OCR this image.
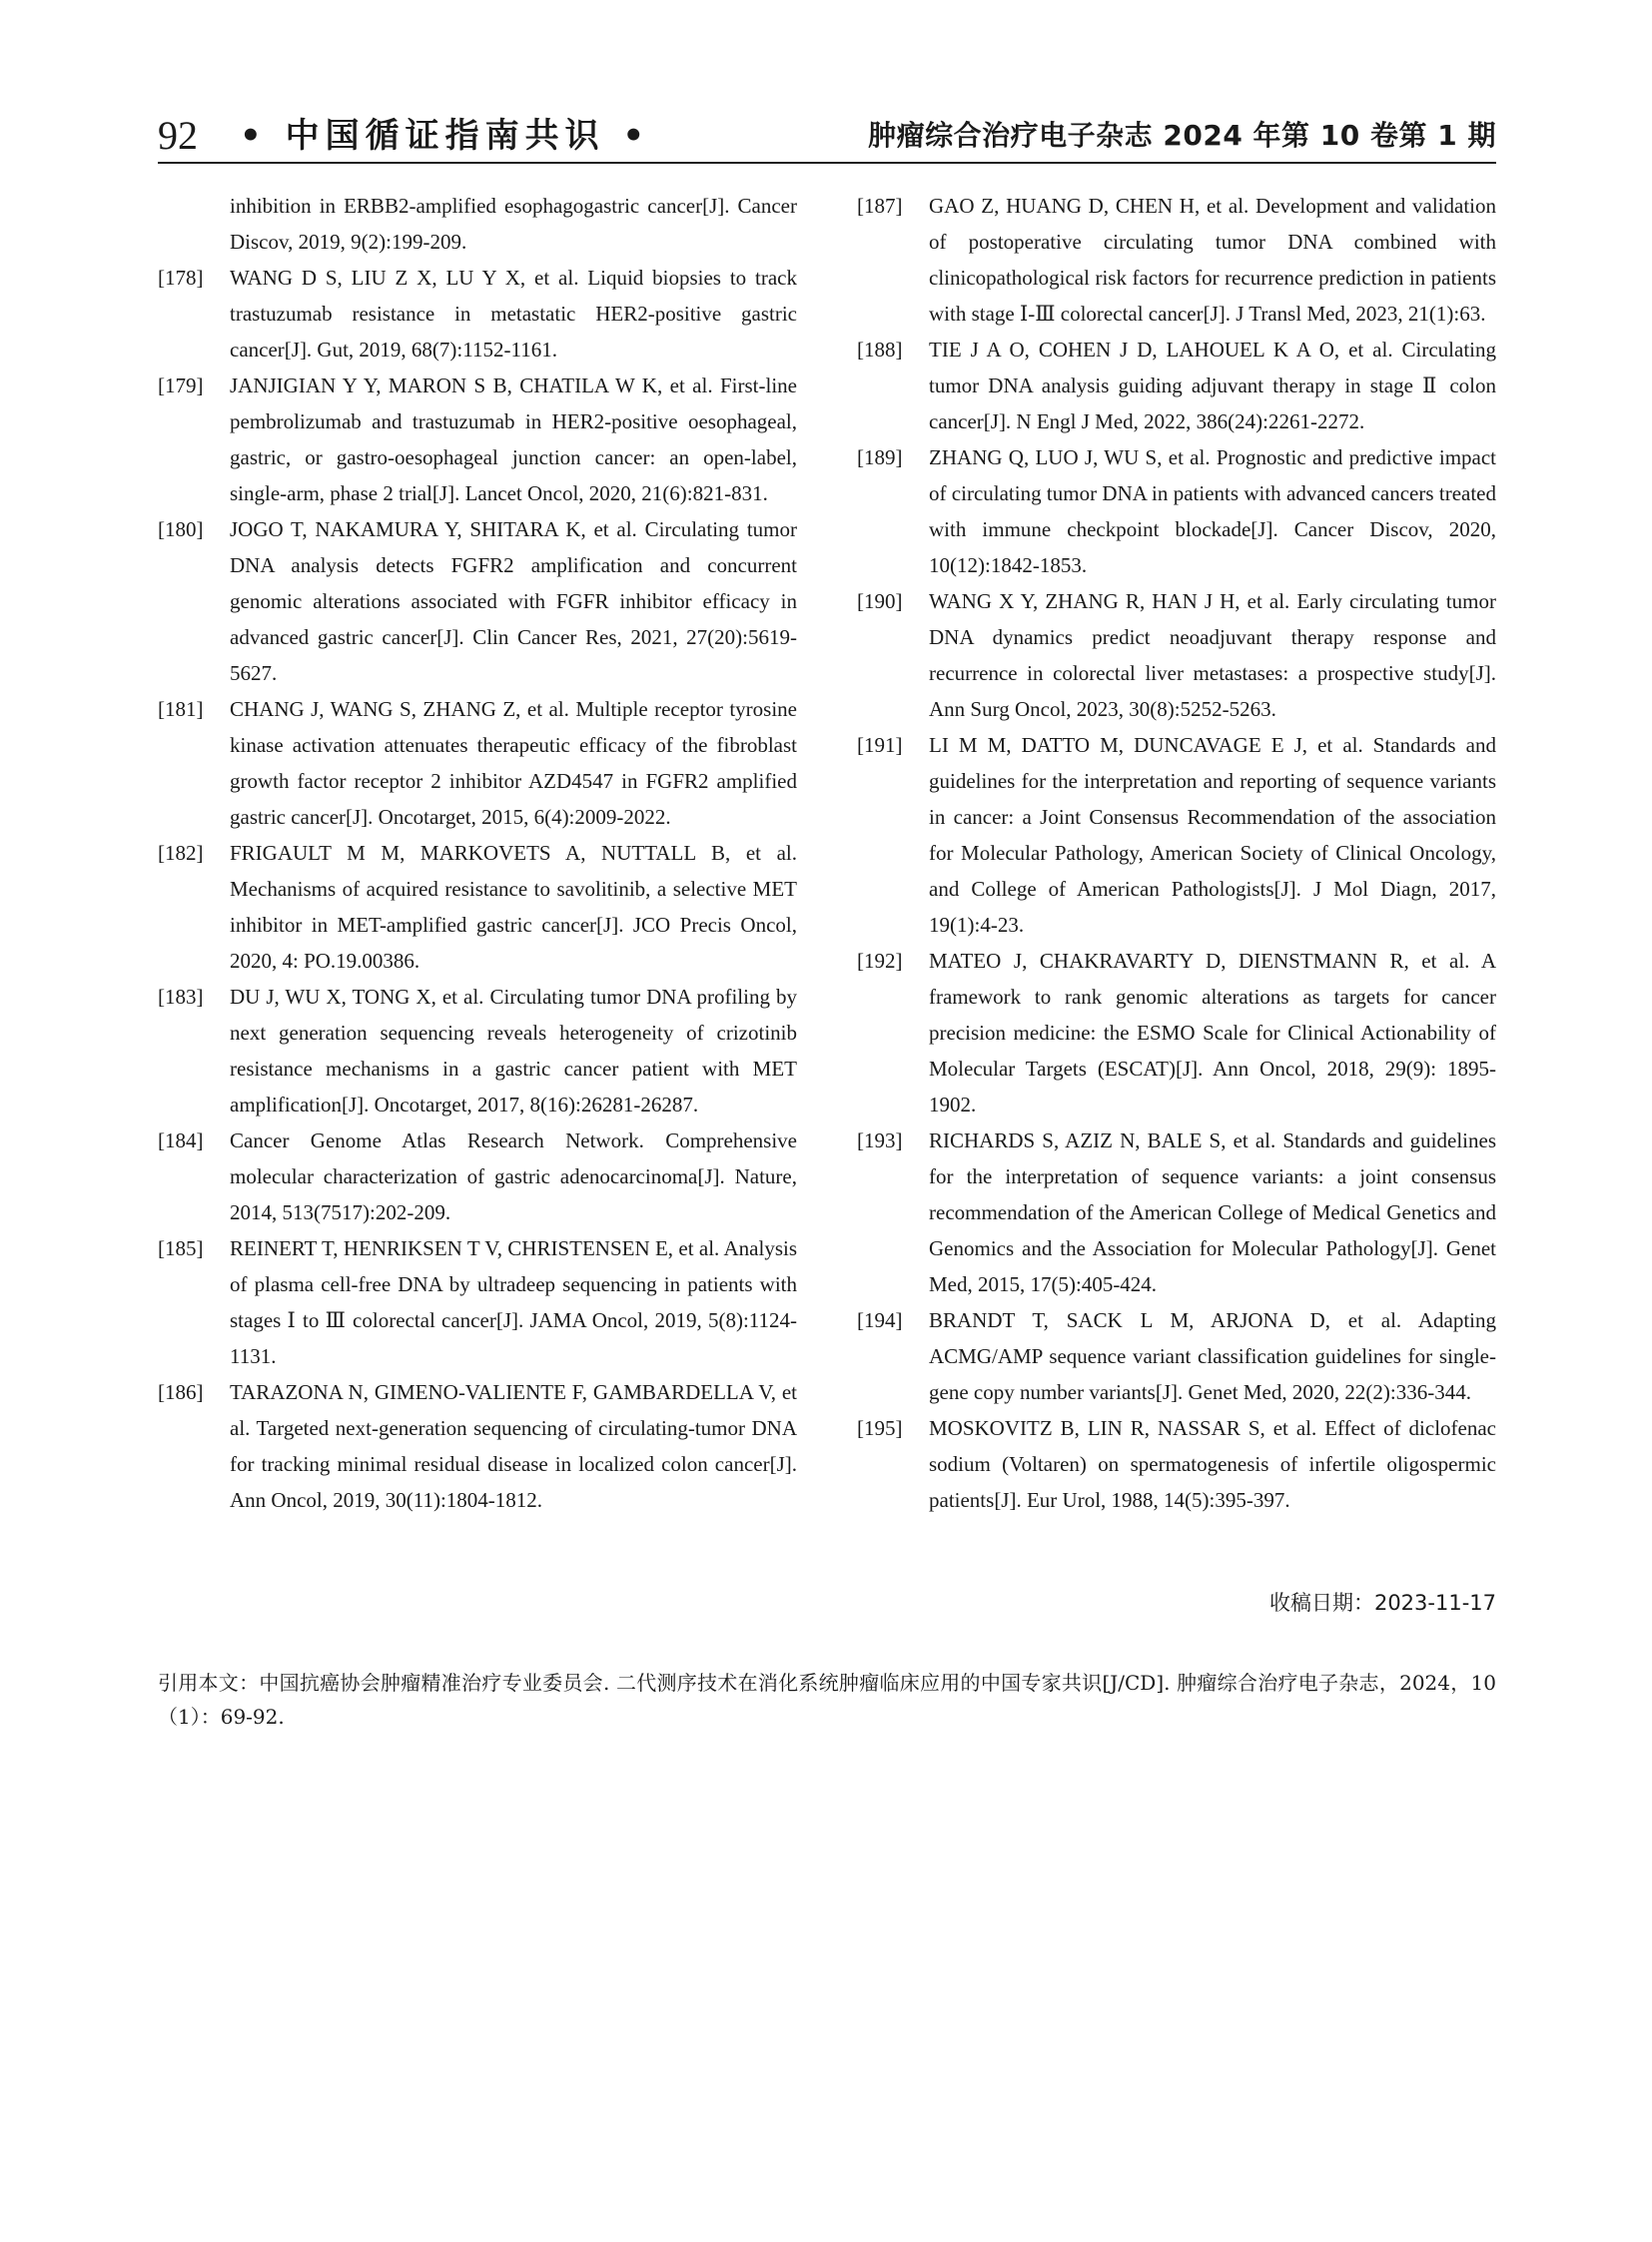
92 • 中国循证指南共识 •	肿瘤综合治疗电子杂志 2024 年第 10 卷第 1 期

inhibition in ERBB2-amplified esophagogastric cancer[J]. Cancer Discov, 2019, 9(2):199-209.

[178]	WANG D S, LIU Z X, LU Y X, et al. Liquid biopsies to track trastuzumab resistance in metastatic HER2-positive gastric cancer[J]. Gut, 2019, 68(7):1152-1161.

[179]	JANJIGIAN Y Y, MARON S B, CHATILA W K, et al. First-line pembrolizumab and trastuzumab in HER2-positive oesophageal, gastric, or gastro-oesophageal junction cancer: an open-label, single-arm, phase 2 trial[J]. Lancet Oncol, 2020, 21(6):821-831.

[180]	JOGO T, NAKAMURA Y, SHITARA K, et al. Circulating tumor DNA analysis detects FGFR2 amplification and concurrent genomic alterations associated with FGFR inhibitor efficacy in advanced gastric cancer[J]. Clin Cancer Res, 2021, 27(20):5619-5627.

[181]	CHANG J, WANG S, ZHANG Z, et al. Multiple receptor tyrosine kinase activation attenuates therapeutic efficacy of the fibroblast growth factor receptor 2 inhibitor AZD4547 in FGFR2 amplified gastric cancer[J]. Oncotarget, 2015, 6(4):2009-2022.

[182]	FRIGAULT M M, MARKOVETS A, NUTTALL B, et al. Mechanisms of acquired resistance to savolitinib, a selective MET inhibitor in MET-amplified gastric cancer[J]. JCO Precis Oncol, 2020, 4: PO.19.00386.

[183]	DU J, WU X, TONG X, et al. Circulating tumor DNA profiling by next generation sequencing reveals heterogeneity of crizotinib resistance mechanisms in a gastric cancer patient with MET amplification[J]. Oncotarget, 2017, 8(16):26281-26287.

[184]	Cancer Genome Atlas Research Network. Comprehensive molecular characterization of gastric adenocarcinoma[J]. Nature, 2014, 513(7517):202-209.

[185]	REINERT T, HENRIKSEN T V, CHRISTENSEN E, et al. Analysis of plasma cell-free DNA by ultradeep sequencing in patients with stages Ⅰ to Ⅲ colorectal cancer[J]. JAMA Oncol, 2019, 5(8):1124-1131.

[186]	TARAZONA N, GIMENO-VALIENTE F, GAMBARDELLA V, et al. Targeted next-generation sequencing of circulating-tumor DNA for tracking minimal residual disease in localized colon cancer[J]. Ann Oncol, 2019, 30(11):1804-1812.

[187]	GAO Z, HUANG D, CHEN H, et al. Development and validation of postoperative circulating tumor DNA combined with clinicopathological risk factors for recurrence prediction in patients with stage Ⅰ-Ⅲ colorectal cancer[J]. J Transl Med, 2023, 21(1):63.

[188]	TIE J A O, COHEN J D, LAHOUEL K A O, et al. Circulating tumor DNA analysis guiding adjuvant therapy in stage Ⅱ colon cancer[J]. N Engl J Med, 2022, 386(24):2261-2272.

[189]	ZHANG Q, LUO J, WU S, et al. Prognostic and predictive impact of circulating tumor DNA in patients with advanced cancers treated with immune checkpoint blockade[J]. Cancer Discov, 2020, 10(12):1842-1853.

[190]	WANG X Y, ZHANG R, HAN J H, et al. Early circulating tumor DNA dynamics predict neoadjuvant therapy response and recurrence in colorectal liver metastases: a prospective study[J]. Ann Surg Oncol, 2023, 30(8):5252-5263.

[191]	LI M M, DATTO M, DUNCAVAGE E J, et al. Standards and guidelines for the interpretation and reporting of sequence variants in cancer: a Joint Consensus Recommendation of the association for Molecular Pathology, American Society of Clinical Oncology, and College of American Pathologists[J]. J Mol Diagn, 2017, 19(1):4-23.

[192]	MATEO J, CHAKRAVARTY D, DIENSTMANN R, et al. A framework to rank genomic alterations as targets for cancer precision medicine: the ESMO Scale for Clinical Actionability of Molecular Targets (ESCAT)[J]. Ann Oncol, 2018, 29(9): 1895-1902.

[193]	RICHARDS S, AZIZ N, BALE S, et al. Standards and guidelines for the interpretation of sequence variants: a joint consensus recommendation of the American College of Medical Genetics and Genomics and the Association for Molecular Pathology[J]. Genet Med, 2015, 17(5):405-424.

[194]	BRANDT T, SACK L M, ARJONA D, et al. Adapting ACMG/AMP sequence variant classification guidelines for single-gene copy number variants[J]. Genet Med, 2020, 22(2):336-344.

[195]	MOSKOVITZ B, LIN R, NASSAR S, et al. Effect of diclofenac sodium (Voltaren) on spermatogenesis of infertile oligospermic patients[J]. Eur Urol, 1988, 14(5):395-397.

收稿日期：2023-11-17
引用本文：中国抗癌协会肿瘤精准治疗专业委员会. 二代测序技术在消化系统肿瘤临床应用的中国专家共识[J/CD]. 肿瘤综合治疗电子杂志，2024，10（1）：69-92.
